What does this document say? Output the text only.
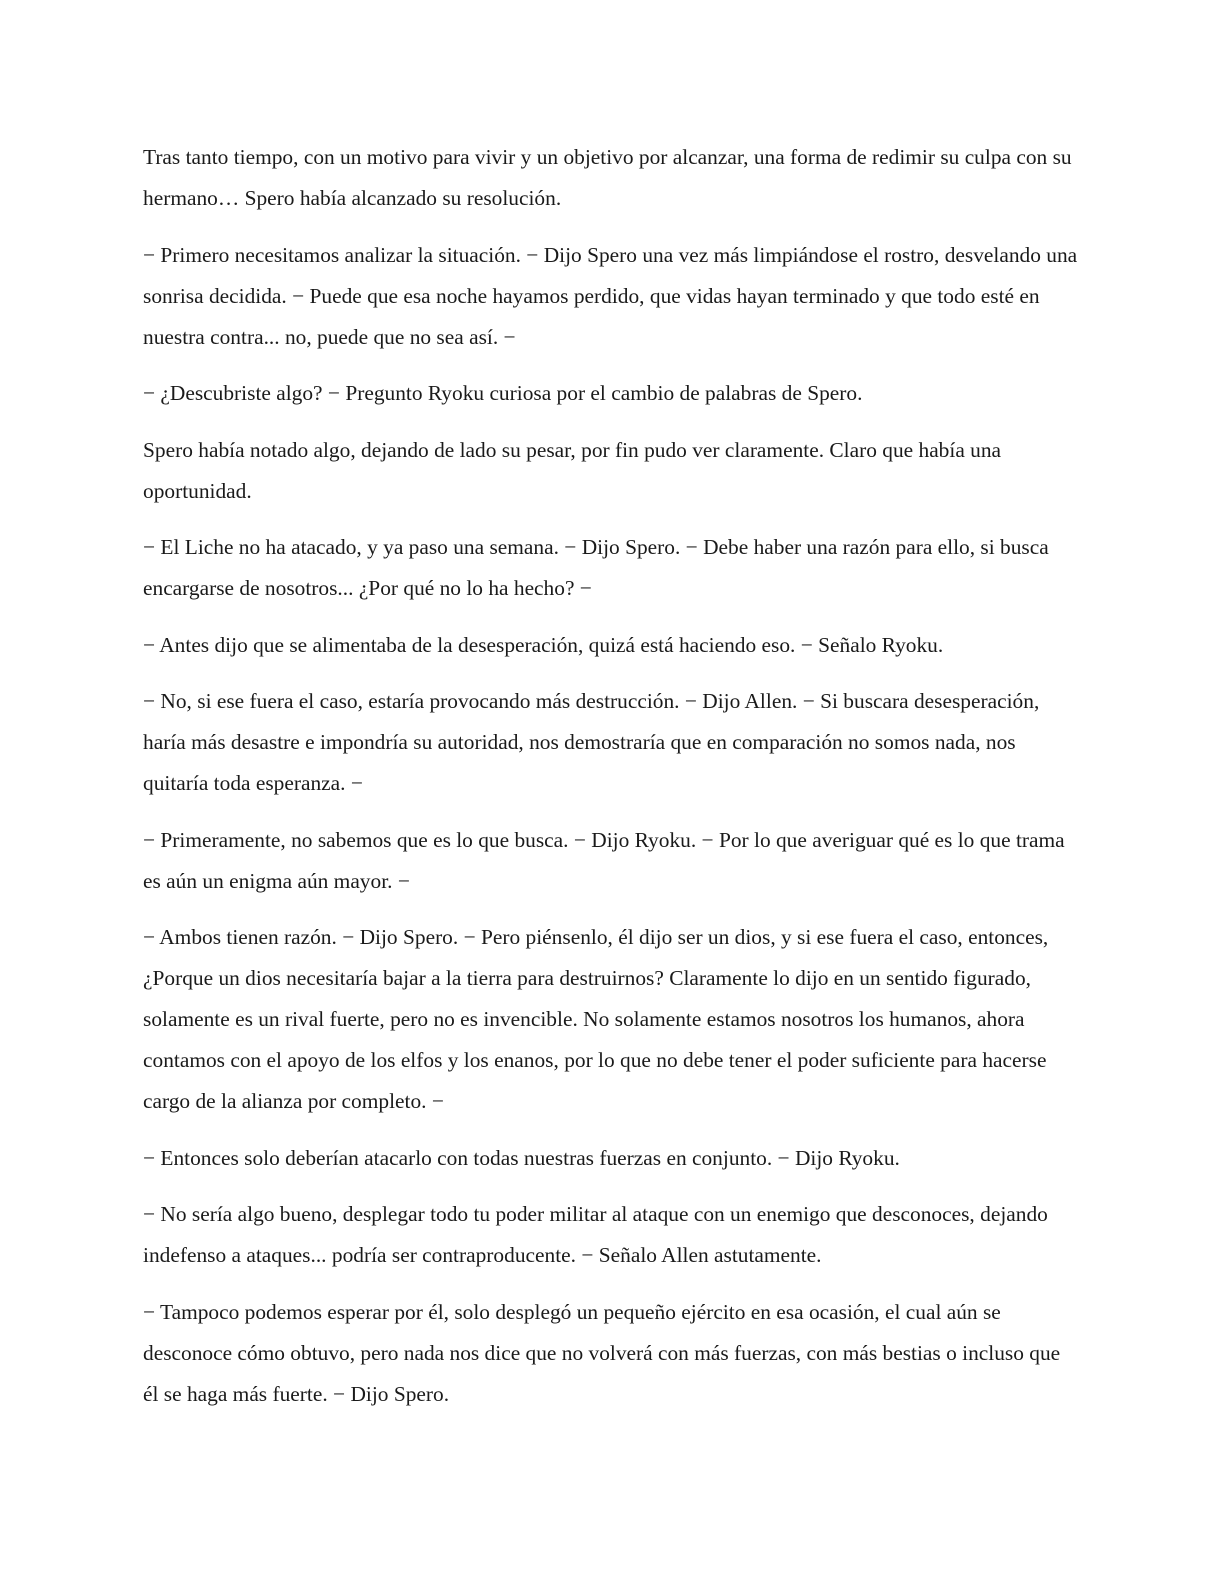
Tras tanto tiempo, con un motivo para vivir y un objetivo por alcanzar, una forma de redimir su culpa con su hermano… Spero había alcanzado su resolución.

− Primero necesitamos analizar la situación. − Dijo Spero una vez más limpiándose el rostro, desvelando una sonrisa decidida. − Puede que esa noche hayamos perdido, que vidas hayan terminado y que todo esté en nuestra contra... no, puede que no sea así. −

− ¿Descubriste algo? − Pregunto Ryoku curiosa por el cambio de palabras de Spero.

Spero había notado algo, dejando de lado su pesar, por fin pudo ver claramente. Claro que había una oportunidad.

− El Liche no ha atacado, y ya paso una semana. − Dijo Spero. − Debe haber una razón para ello, si busca encargarse de nosotros... ¿Por qué no lo ha hecho? −

− Antes dijo que se alimentaba de la desesperación, quizá está haciendo eso. − Señalo Ryoku.

− No, si ese fuera el caso, estaría provocando más destrucción. − Dijo Allen. − Si buscara desesperación, haría más desastre e impondría su autoridad, nos demostraría que en comparación no somos nada, nos quitaría toda esperanza. −

− Primeramente, no sabemos que es lo que busca. − Dijo Ryoku. − Por lo que averiguar qué es lo que trama es aún un enigma aún mayor. −

− Ambos tienen razón. − Dijo Spero. − Pero piénsenlo, él dijo ser un dios, y si ese fuera el caso, entonces, ¿Porque un dios necesitaría bajar a la tierra para destruirnos? Claramente lo dijo en un sentido figurado, solamente es un rival fuerte, pero no es invencible. No solamente estamos nosotros los humanos, ahora contamos con el apoyo de los elfos y los enanos, por lo que no debe tener el poder suficiente para hacerse cargo de la alianza por completo. −

− Entonces solo deberían atacarlo con todas nuestras fuerzas en conjunto. − Dijo Ryoku.

− No sería algo bueno, desplegar todo tu poder militar al ataque con un enemigo que desconoces, dejando indefenso a ataques... podría ser contraproducente. − Señalo Allen astutamente.

− Tampoco podemos esperar por él, solo desplegó un pequeño ejército en esa ocasión, el cual aún se desconoce cómo obtuvo, pero nada nos dice que no volverá con más fuerzas, con más bestias o incluso que él se haga más fuerte. − Dijo Spero.
